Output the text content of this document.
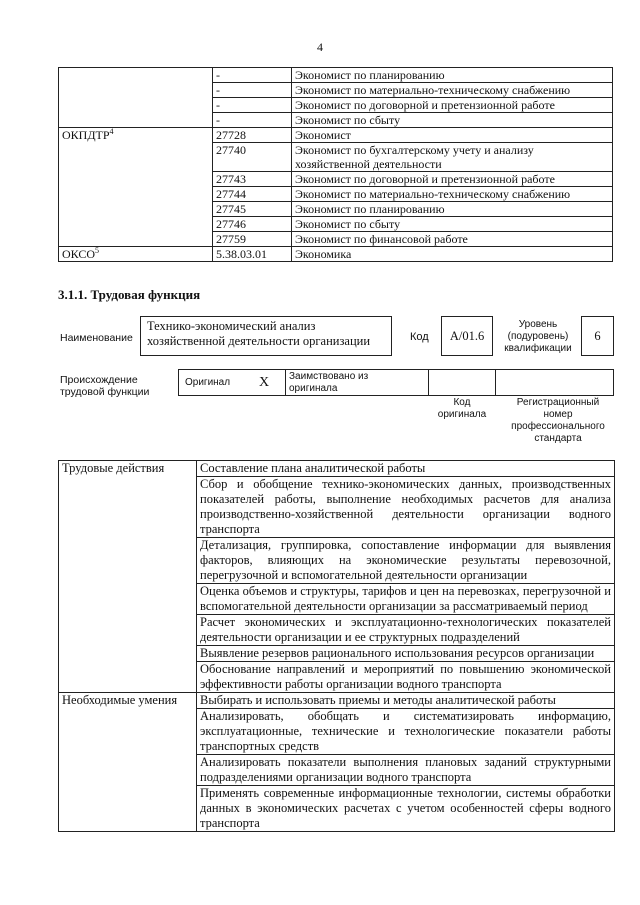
4
	-	Экономист по планированию
	-	Экономист по материально-техническому снабжению
	-	Экономист по договорной и претензионной работе
	-	Экономист по сбыту
ОКПДТР$^4$	27728	Экономист
	27740	Экономист по бухгалтерскому учету и анализу хозяйственной деятельности
	27743	Экономист по договорной и претензионной работе
	27744	Экономист по материально-техническому снабжению
	27745	Экономист по планированию
	27746	Экономист по сбыту
	27759	Экономист по финансовой работе
ОКСО$^5$	5.38.03.01	Экономика
3.1.1. Трудовая функция
Наименование
Технико-экономический анализ хозяйственной деятельности организации	Код	А/01.6
Уровень (подуровень) квалификации
6
Происхождение трудовой функции
Оригинал X Заимствовано из оригинала
Код оригинала
Регистрационный номер профессионального стандарта
Трудовые действия	Составление плана аналитической работы
	Сбор и обобщение технико-экономических данных, производственных показателей работы, выполнение необходимых расчетов для анализа производственно-хозяйственной деятельности организации водного транспорта
	Детализация, группировка, сопоставление информации для выявления факторов, влияющих на экономические результаты перевозочной, перегрузочной и вспомогательной деятельности организации
	Оценка объемов и структуры, тарифов и цен на перевозках, перегрузочной и вспомогательной деятельности организации за рассматриваемый период
	Расчет экономических и эксплуатационно-технологических показателей деятельности организации и ее структурных подразделений
	Выявление резервов рационального использования ресурсов организации
	Обоснование направлений и мероприятий по повышению экономической эффективности работы организации водного транспорта
Необходимые умения	Выбирать и использовать приемы и методы аналитической работы
	Анализировать, обобщать и систематизировать информацию, эксплуатационные, технические и технологические показатели работы транспортных средств
	Анализировать показатели выполнения плановых заданий структурными подразделениями организации водного транспорта
	Применять современные информационные технологии, системы обработки данных в экономических расчетах с учетом особенностей сферы водного транспорта
